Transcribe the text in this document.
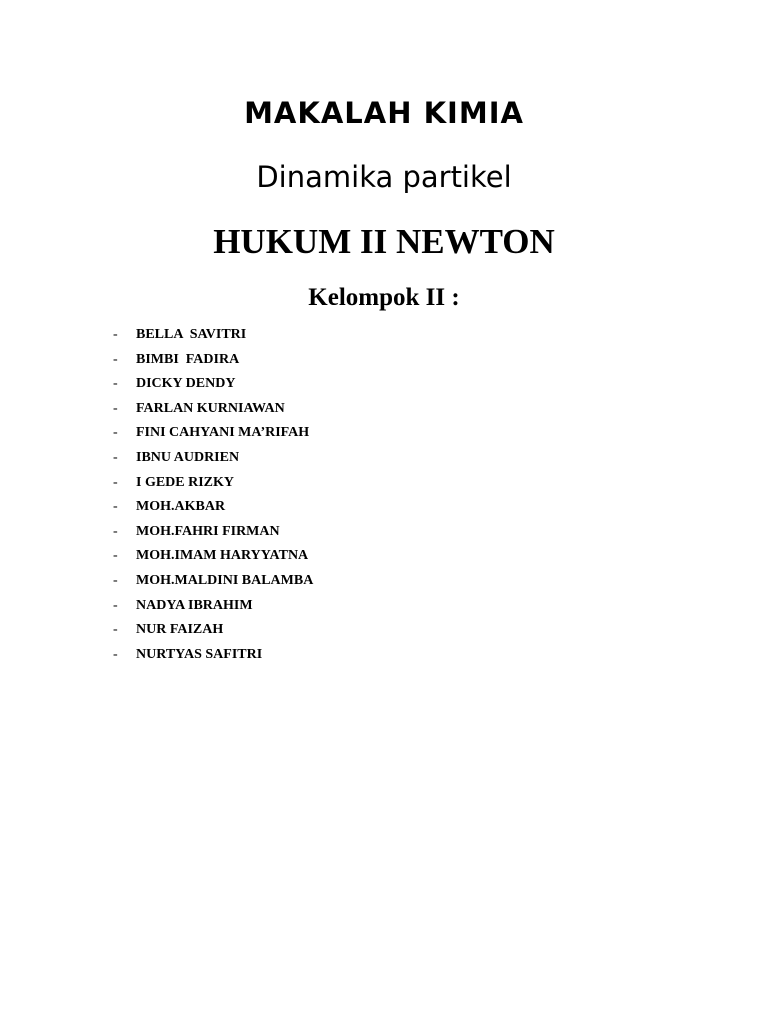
MAKALAH KIMIA
Dinamika partikel
HUKUM II NEWTON
Kelompok II :
- BELLA  SAVITRI
- BIMBI  FADIRA
- DICKY DENDY
- FARLAN KURNIAWAN
- FINI CAHYANI MA’RIFAH
- IBNU AUDRIEN
- I GEDE RIZKY
- MOH.AKBAR
- MOH.FAHRI FIRMAN
- MOH.IMAM HARYYATNA
- MOH.MALDINI BALAMBA
- NADYA IBRAHIM
- NUR FAIZAH
- NURTYAS SAFITRI
